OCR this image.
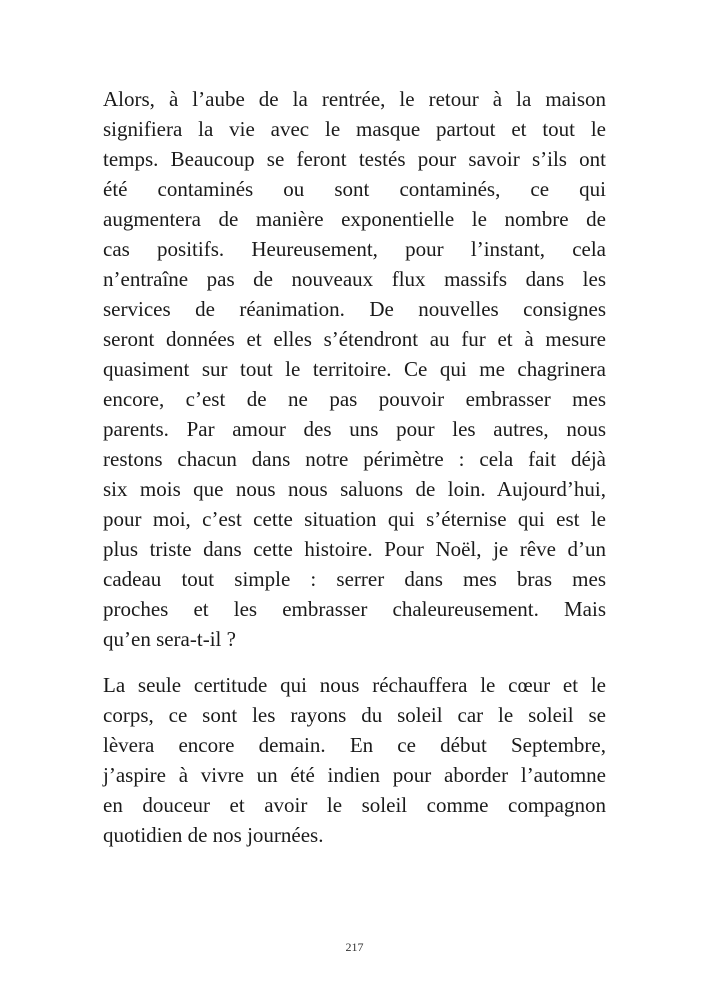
Alors, à l’aube de la rentrée, le retour à la maison
signifiera la vie avec le masque partout et tout le
temps. Beaucoup se feront testés pour savoir s’ils ont
été contaminés ou sont contaminés, ce qui
augmentera de manière exponentielle le nombre de
cas positifs. Heureusement, pour l’instant, cela
n’entraîne pas de nouveaux flux massifs dans les
services de réanimation. De nouvelles consignes
seront données et elles s’étendront au fur et à mesure
quasiment sur tout le territoire. Ce qui me chagrinera
encore, c’est de ne pas pouvoir embrasser mes
parents. Par amour des uns pour les autres, nous
restons chacun dans notre périmètre : cela fait déjà
six mois que nous nous saluons de loin. Aujourd’hui,
pour moi, c’est cette situation qui s’éternise qui est le
plus triste dans cette histoire. Pour Noël, je rêve d’un
cadeau tout simple : serrer dans mes bras mes
proches et les embrasser chaleureusement. Mais
qu’en sera-t-il ?

La seule certitude qui nous réchauffera le cœur et le
corps, ce sont les rayons du soleil car le soleil se
lèvera encore demain. En ce début Septembre,
j’aspire à vivre un été indien pour aborder l’automne
en douceur et avoir le soleil comme compagnon
quotidien de nos journées.

217
